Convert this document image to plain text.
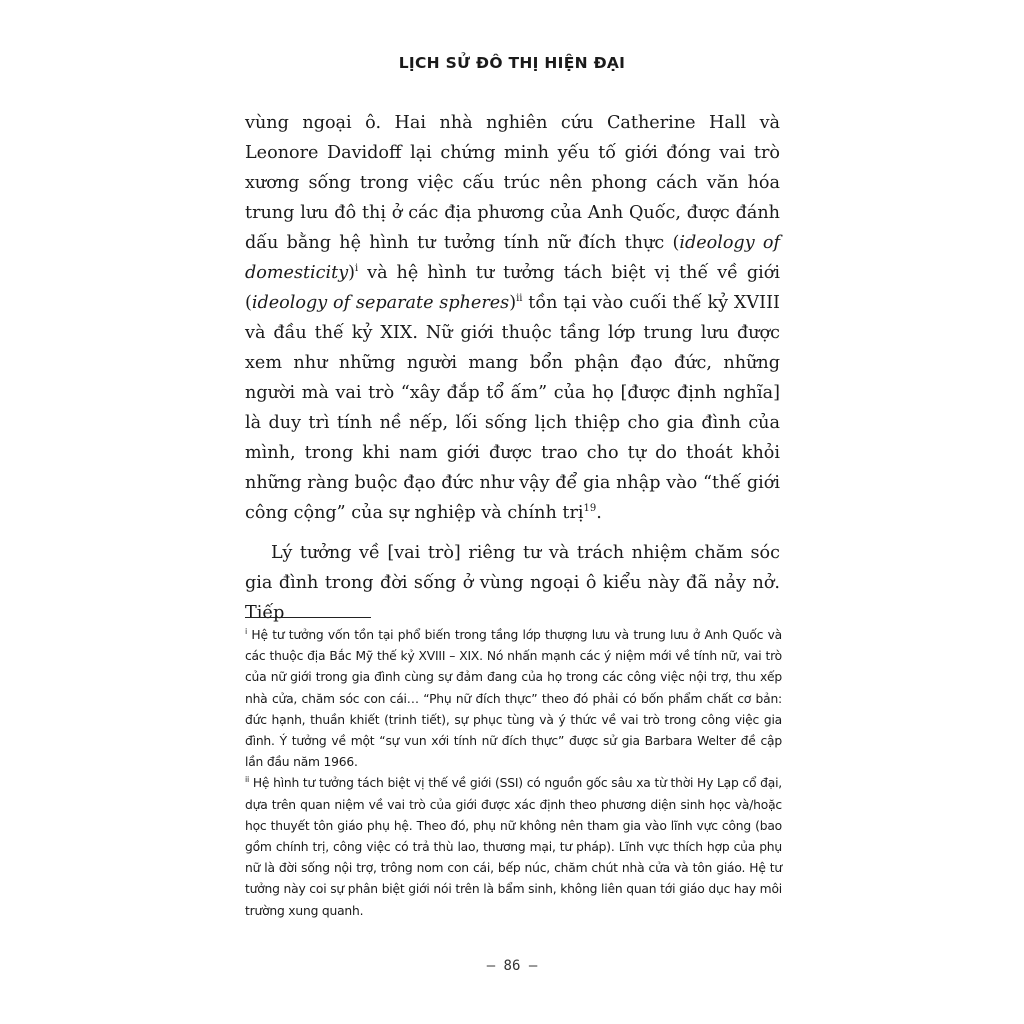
LỊCH SỬ ĐÔ THỊ HIỆN ĐẠI

vùng ngoại ô. Hai nhà nghiên cứu Catherine Hall và Leonore Davidoff lại chứng minh yếu tố giới đóng vai trò xương sống trong việc cấu trúc nên phong cách văn hóa trung lưu đô thị ở các địa phương của Anh Quốc, được đánh dấu bằng hệ hình tư tưởng tính nữ đích thực (ideology of domesticity)$^i$ và hệ hình tư tưởng tách biệt vị thế về giới (ideology of separate spheres)$^{ii}$ tồn tại vào cuối thế kỷ XVIII và đầu thế kỷ XIX. Nữ giới thuộc tầng lớp trung lưu được xem như những người mang bổn phận đạo đức, những người mà vai trò “xây đắp tổ ấm” của họ [được định nghĩa] là duy trì tính nề nếp, lối sống lịch thiệp cho gia đình của mình, trong khi nam giới được trao cho tự do thoát khỏi những ràng buộc đạo đức như vậy để gia nhập vào “thế giới công cộng” của sự nghiệp và chính trị$^{19}$.

Lý tưởng về [vai trò] riêng tư và trách nhiệm chăm sóc gia đình trong đời sống ở vùng ngoại ô kiểu này đã nảy nở. Tiếp

$^i$ Hệ tư tưởng vốn tồn tại phổ biến trong tầng lớp thượng lưu và trung lưu ở Anh Quốc và các thuộc địa Bắc Mỹ thế kỷ XVIII – XIX. Nó nhấn mạnh các ý niệm mới về tính nữ, vai trò của nữ giới trong gia đình cùng sự đảm đang của họ trong các công việc nội trợ, thu xếp nhà cửa, chăm sóc con cái… “Phụ nữ đích thực” theo đó phải có bốn phẩm chất cơ bản: đức hạnh, thuần khiết (trinh tiết), sự phục tùng và ý thức về vai trò trong công việc gia đình. Ý tưởng về một “sự vun xới tính nữ đích thực” được sử gia Barbara Welter đề cập lần đầu năm 1966.

$^{ii}$ Hệ hình tư tưởng tách biệt vị thế về giới (SSI) có nguồn gốc sâu xa từ thời Hy Lạp cổ đại, dựa trên quan niệm về vai trò của giới được xác định theo phương diện sinh học và/hoặc học thuyết tôn giáo phụ hệ. Theo đó, phụ nữ không nên tham gia vào lĩnh vực công (bao gồm chính trị, công việc có trả thù lao, thương mại, tư pháp). Lĩnh vực thích hợp của phụ nữ là đời sống nội trợ, trông nom con cái, bếp núc, chăm chút nhà cửa và tôn giáo. Hệ tư tưởng này coi sự phân biệt giới nói trên là bẩm sinh, không liên quan tới giáo dục hay môi trường xung quanh.

– 86 –
